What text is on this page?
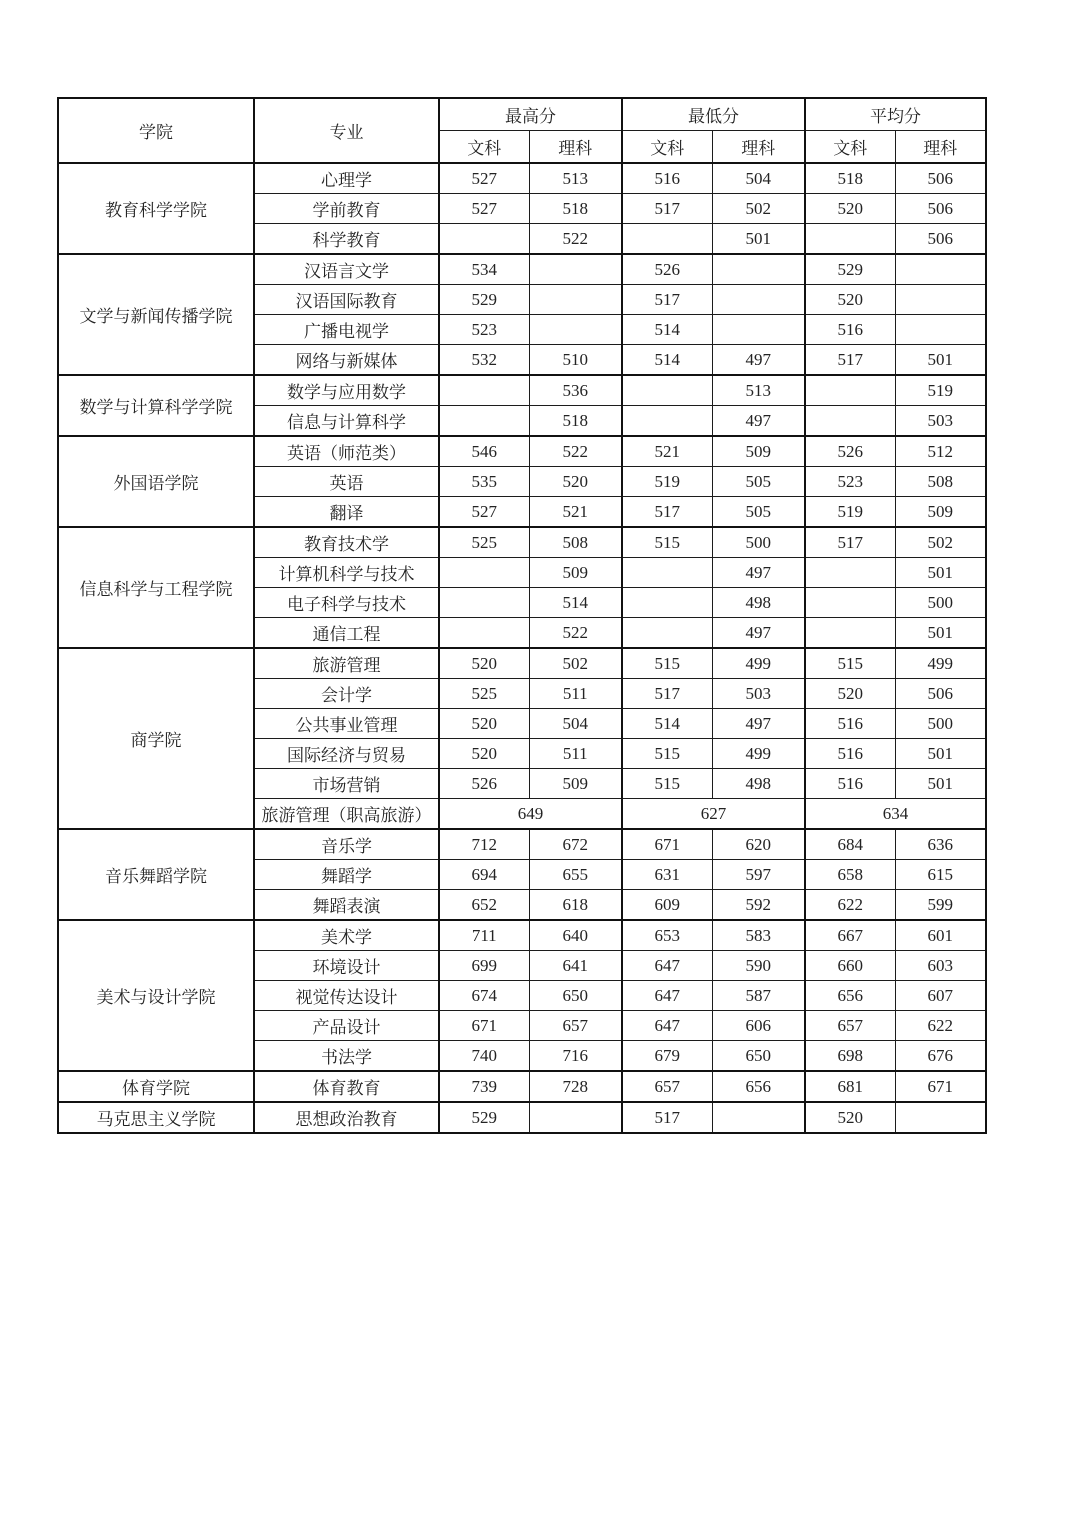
学院	专业	最高分		最低分		平均分	
		文科	理科	文科	理科	文科	理科
教育科学学院	心理学	527	513	516	504	518	506
	学前教育	527	518	517	502	520	506
	科学教育		522		501		506
文学与新闻传播学院	汉语言文学	534		526		529	
	汉语国际教育	529		517		520	
	广播电视学	523		514		516	
	网络与新媒体	532	510	514	497	517	501
数学与计算科学学院	数学与应用数学		536		513		519
	信息与计算科学		518		497		503
外国语学院	英语（师范类）	546	522	521	509	526	512
	英语	535	520	519	505	523	508
	翻译	527	521	517	505	519	509
信息科学与工程学院	教育技术学	525	508	515	500	517	502
	计算机科学与技术		509		497		501
	电子科学与技术		514		498		500
	通信工程		522		497		501
商学院	旅游管理	520	502	515	499	515	499
	会计学	525	511	517	503	520	506
	公共事业管理	520	504	514	497	516	500
	国际经济与贸易	520	511	515	499	516	501
	市场营销	526	509	515	498	516	501
	旅游管理（职高旅游）	649		627		634	
音乐舞蹈学院	音乐学	712	672	671	620	684	636
	舞蹈学	694	655	631	597	658	615
	舞蹈表演	652	618	609	592	622	599
美术与设计学院	美术学	711	640	653	583	667	601
	环境设计	699	641	647	590	660	603
	视觉传达设计	674	650	647	587	656	607
	产品设计	671	657	647	606	657	622
	书法学	740	716	679	650	698	676
体育学院	体育教育	739	728	657	656	681	671
马克思主义学院	思想政治教育	529		517		520	
